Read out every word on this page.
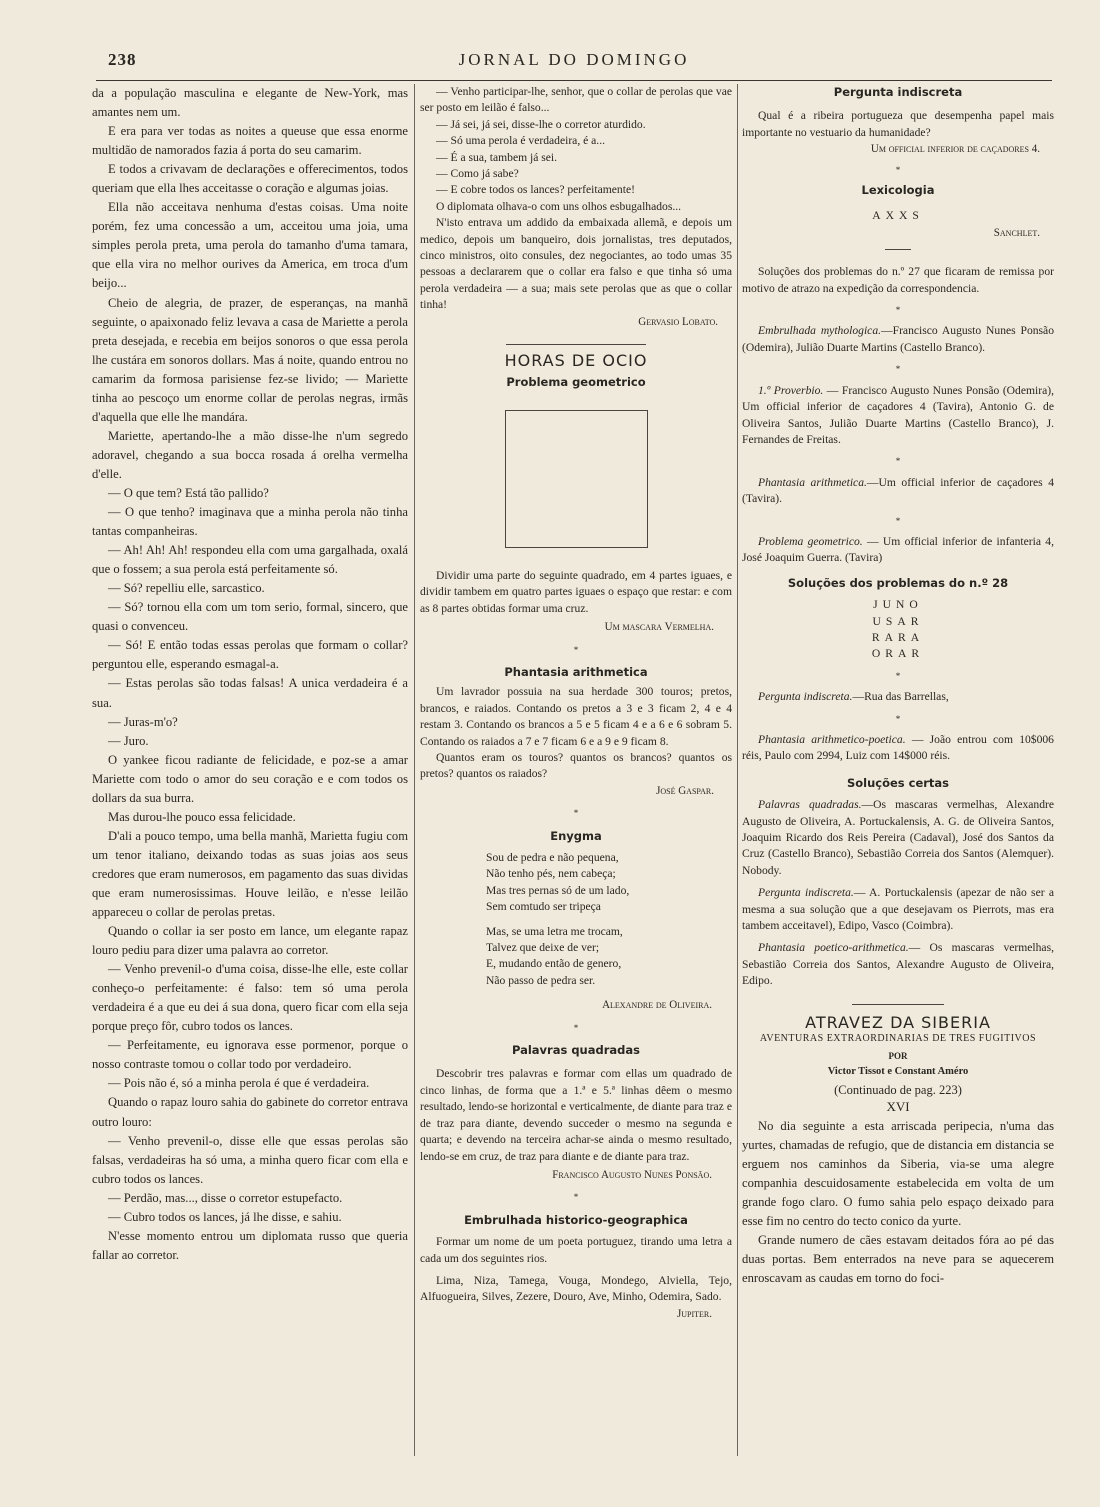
238	JORNAL DO DOMINGO

da a população masculina e elegante de New-York, mas amantes nem um.

E era para ver todas as noites a queuse que essa enorme multidão de namorados fazia á porta do seu camarim.

E todos a crivavam de declarações e offerecimentos, todos queriam que ella lhes acceitasse o coração e algumas joias.

Ella não acceitava nenhuma d'estas coisas. Uma noite porém, fez uma concessão a um, acceitou uma joia, uma simples perola preta, uma perola do tamanho d'uma tamara, que ella vira no melhor ourives da America, em troca d'um beijo...

Cheio de alegria, de prazer, de esperanças, na manhã seguinte, o apaixonado feliz levava a casa de Mariette a perola preta desejada, e recebia em beijos sonoros o que essa perola lhe custára em sonoros dollars. Mas á noite, quando entrou no camarim da formosa parisiense fez-se livido; — Mariette tinha ao pescoço um enorme collar de perolas negras, irmãs d'aquella que elle lhe mandára.

Mariette, apertando-lhe a mão disse-lhe n'um segredo adoravel, chegando a sua bocca rosada á orelha vermelha d'elle.

— O que tem? Está tão pallido?

— O que tenho? imaginava que a minha perola não tinha tantas companheiras.

— Ah! Ah! Ah! respondeu ella com uma gargalhada, oxalá que o fossem; a sua perola está perfeitamente só.

— Só? repelliu elle, sarcastico.

— Só? tornou ella com um tom serio, formal, sincero, que quasi o convenceu.

— Só! E então todas essas perolas que formam o collar? perguntou elle, esperando esmagal-a.

— Estas perolas são todas falsas! A unica verdadeira é a sua.

— Juras-m'o?

— Juro.

O yankee ficou radiante de felicidade, e poz-se a amar Mariette com todo o amor do seu coração e e com todos os dollars da sua burra.

Mas durou-lhe pouco essa felicidade.

D'ali a pouco tempo, uma bella manhã, Marietta fugiu com um tenor italiano, deixando todas as suas joias aos seus credores que eram numerosos, em pagamento das suas dividas que eram numerosissimas. Houve leilão, e n'esse leilão appareceu o collar de perolas pretas.

Quando o collar ia ser posto em lance, um elegante rapaz louro pediu para dizer uma palavra ao corretor.

— Venho prevenil-o d'uma coisa, disse-lhe elle, este collar conheço-o perfeitamente: é falso: tem só uma perola verdadeira é a que eu dei á sua dona, quero ficar com ella seja porque preço fôr, cubro todos os lances.

— Perfeitamente, eu ignorava esse pormenor, porque o nosso contraste tomou o collar todo por verdadeiro.

— Pois não é, só a minha perola é que é verdadeira.

Quando o rapaz louro sahia do gabinete do corretor entrava outro louro:

— Venho prevenil-o, disse elle que essas perolas são falsas, verdadeiras ha só uma, a minha quero ficar com ella e cubro todos os lances.

— Perdão, mas..., disse o corretor estupefacto.

— Cubro todos os lances, já lhe disse, e sahiu.

N'esse momento entrou um diplomata russo que queria fallar ao corretor.

— Venho participar-lhe, senhor, que o collar de perolas que vae ser posto em leilão é falso...

— Já sei, já sei, disse-lhe o corretor aturdido.

— Só uma perola é verdadeira, é a...

— É a sua, tambem já sei.

— Como já sabe?

— E cobre todos os lances? perfeitamente!

O diplomata olhava-o com uns olhos esbugalhados...

N'isto entrava um addido da embaixada allemã, e depois um medico, depois um banqueiro, dois jornalistas, tres deputados, cinco ministros, oito consules, dez negociantes, ao todo umas 35 pessoas a declararem que o collar era falso e que tinha só uma perola verdadeira — a sua; mais sete perolas que as que o collar tinha!

Gervasio Lobato.

HORAS DE OCIO

Problema geometrico

Dividir uma parte do seguinte quadrado, em 4 partes iguaes, e dividir tambem em quatro partes iguaes o espaço que restar: e com as 8 partes obtidas formar uma cruz.

Um mascara Vermelha.

*

Phantasia arithmetica

Um lavrador possuia na sua herdade 300 touros; pretos, brancos, e raiados. Contando os pretos a 3 e 3 ficam 2, 4 e 4 restam 3. Contando os brancos a 5 e 5 ficam 4 e a 6 e 6 sobram 5. Contando os raiados a 7 e 7 ficam 6 e a 9 e 9 ficam 8.

Quantos eram os touros? quantos os brancos? quantos os pretos? quantos os raiados?

José Gaspar.

*

Enygma

Sou de pedra e não pequena,
Não tenho pés, nem cabeça;
Mas tres pernas só de um lado,
Sem comtudo ser tripeça
Mas, se uma letra me trocam,
Talvez que deixe de ver;
E, mudando então de genero,
Não passo de pedra ser.

Alexandre de Oliveira.

*

Palavras quadradas

Descobrir tres palavras e formar com ellas um quadrado de cinco linhas, de forma que a 1.ª e 5.ª linhas dêem o mesmo resultado, lendo-se horizontal e verticalmente, de diante para traz e de traz para diante, devendo succeder o mesmo na segunda e quarta; e devendo na terceira achar-se ainda o mesmo resultado, lendo-se em cruz, de traz para diante e de diante para traz.

Francisco Augusto Nunes Ponsão.

*

Embrulhada historico-geographica

Formar um nome de um poeta portuguez, tirando uma letra a cada um dos seguintes rios.

Lima, Niza, Tamega, Vouga, Mondego, Alviella, Tejo, Alfuogueira, Silves, Zezere, Douro, Ave, Minho, Odemira, Sado.

Jupiter.

Pergunta indiscreta

Qual é a ribeira portugueza que desempenha papel mais importante no vestuario da humanidade?

Um official inferior de caçadores 4.

*

Lexicologia

AXXS

Sanchlet.

Soluções dos problemas do n.º 27 que ficaram de remissa por motivo de atrazo na expedição da correspondencia.

*

Embrulhada mythologica.—Francisco Augusto Nunes Ponsão (Odemira), Julião Duarte Martins (Castello Branco).

*

1.º Proverbio. — Francisco Augusto Nunes Ponsão (Odemira), Um official inferior de caçadores 4 (Tavira), Antonio G. de Oliveira Santos, Julião Duarte Martins (Castello Branco), J. Fernandes de Freitas.

*

Phantasia arithmetica.—Um official inferior de caçadores 4 (Tavira).

*

Problema geometrico. — Um official inferior de infanteria 4, José Joaquim Guerra. (Tavira)

Soluções dos problemas do n.º 28

JUNO
USAR
RARA
ORAR

*

Pergunta indiscreta.—Rua das Barrellas,

*

Phantasia arithmetico-poetica. — João entrou com 10$006 réis, Paulo com 2994, Luiz com 14$000 réis.

Soluções certas

Palavras quadradas.—Os mascaras vermelhas, Alexandre Augusto de Oliveira, A. Portuckalensis, A. G. de Oliveira Santos, Joaquim Ricardo dos Reis Pereira (Cadaval), José dos Santos da Cruz (Castello Branco), Sebastião Correia dos Santos (Alemquer). Nobody.

Pergunta indiscreta.— A. Portuckalensis (apezar de não ser a mesma a sua solução que a que desejavam os Pierrots, mas era tambem acceitavel), Edipo, Vasco (Coimbra).

Phantasia poetico-arithmetica.— Os mascaras vermelhas, Sebastião Correia dos Santos, Alexandre Augusto de Oliveira, Edipo.

ATRAVEZ DA SIBERIA

AVENTURAS EXTRAORDINARIAS DE TRES FUGITIVOS

POR

Victor Tissot e Constant Améro

(Continuado de pag. 223)

XVI

No dia seguinte a esta arriscada peripecia, n'uma das yurtes, chamadas de refugio, que de distancia em distancia se erguem nos caminhos da Siberia, via-se uma alegre companhia descuidosamente estabelecida em volta de um grande fogo claro. O fumo sahia pelo espaço deixado para esse fim no centro do tecto conico da yurte.

Grande numero de cães estavam deitados fóra ao pé das duas portas. Bem enterrados na neve para se aquecerem enroscavam as caudas em torno do foci-
